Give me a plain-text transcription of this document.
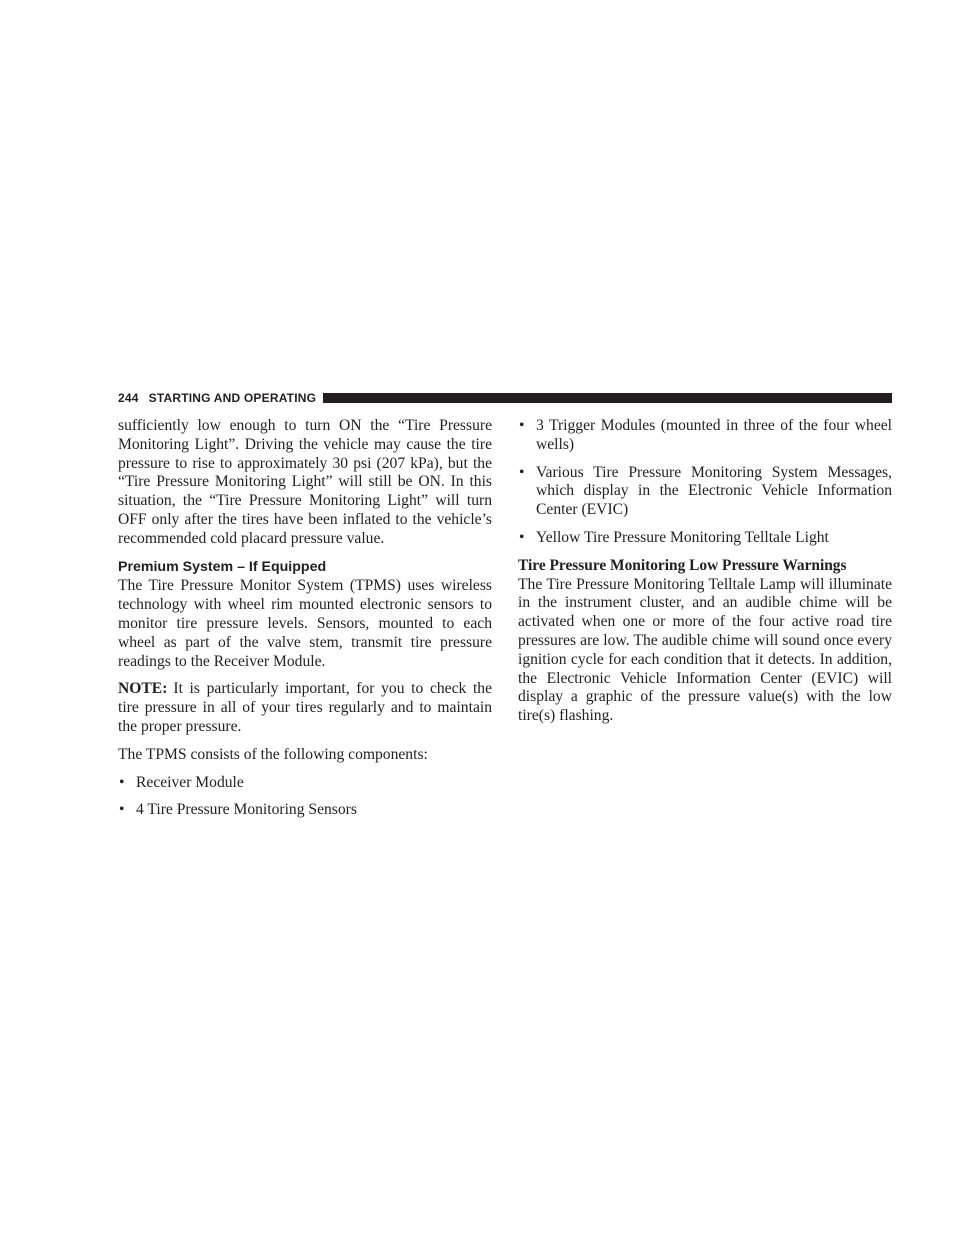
244 STARTING AND OPERATING

sufficiently low enough to turn ON the “Tire Pressure Monitoring Light”. Driving the vehicle may cause the tire pressure to rise to approximately 30 psi (207 kPa), but the “Tire Pressure Monitoring Light” will still be ON. In this situation, the “Tire Pressure Monitoring Light” will turn OFF only after the tires have been inflated to the vehicle’s recommended cold placard pressure value.

Premium System – If Equipped

The Tire Pressure Monitor System (TPMS) uses wireless technology with wheel rim mounted electronic sensors to monitor tire pressure levels. Sensors, mounted to each wheel as part of the valve stem, transmit tire pressure readings to the Receiver Module.

NOTE: It is particularly important, for you to check the tire pressure in all of your tires regularly and to maintain the proper pressure.

The TPMS consists of the following components:

• Receiver Module
• 4 Tire Pressure Monitoring Sensors
• 3 Trigger Modules (mounted in three of the four wheel wells)
• Various Tire Pressure Monitoring System Messages, which display in the Electronic Vehicle Information Center (EVIC)
• Yellow Tire Pressure Monitoring Telltale Light
Tire Pressure Monitoring Low Pressure Warnings

The Tire Pressure Monitoring Telltale Lamp will illuminate in the instrument cluster, and an audible chime will be activated when one or more of the four active road tire pressures are low. The audible chime will sound once every ignition cycle for each condition that it detects. In addition, the Electronic Vehicle Information Center (EVIC) will display a graphic of the pressure value(s) with the low tire(s) flashing.
